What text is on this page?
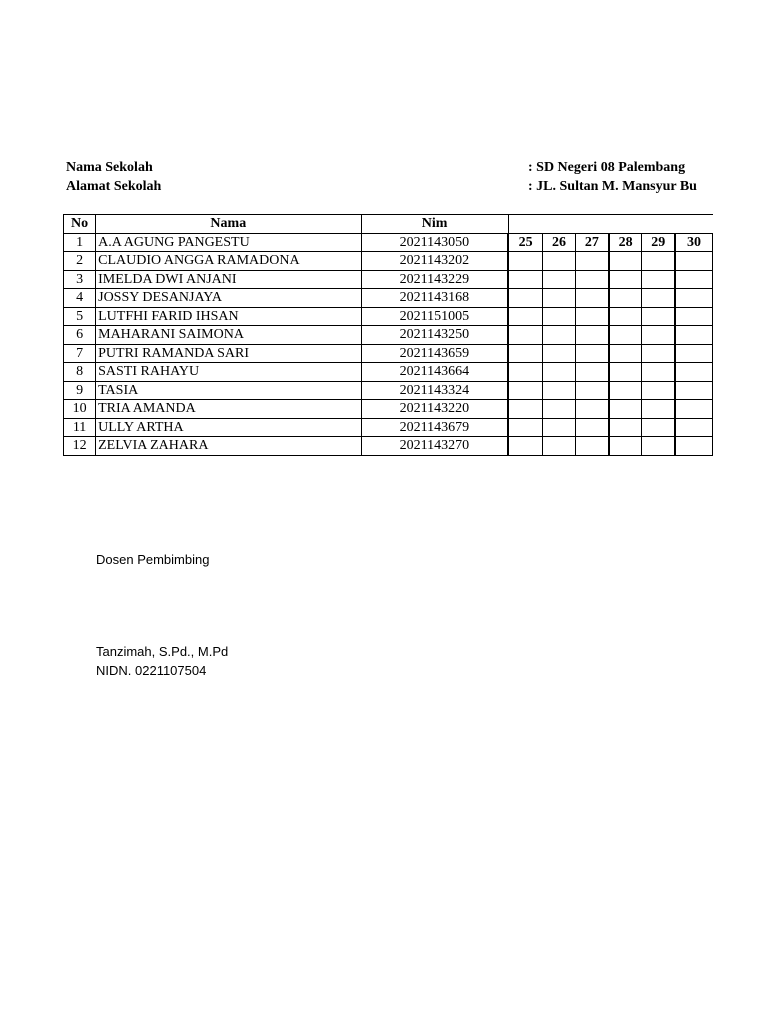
Nama Sekolah	: SD Negeri 08 Palembang
Alamat Sekolah	: JL. Sultan M. Mansyur Bu
No	Nama	Nim						
1	A.A AGUNG PANGESTU	2021143050	25	26	27	28	29	30
2	CLAUDIO ANGGA RAMADONA	2021143202						
3	IMELDA DWI ANJANI	2021143229						
4	JOSSY DESANJAYA	2021143168						
5	LUTFHI FARID IHSAN	2021151005						
6	MAHARANI SAIMONA	2021143250						
7	PUTRI RAMANDA SARI	2021143659						
8	SASTI RAHAYU	2021143664						
9	TASIA	2021143324						
10	TRIA AMANDA	2021143220						
11	ULLY ARTHA	2021143679						
12	ZELVIA ZAHARA	2021143270						
Dosen Pembimbing
Tanzimah, S.Pd., M.Pd
NIDN. 0221107504
